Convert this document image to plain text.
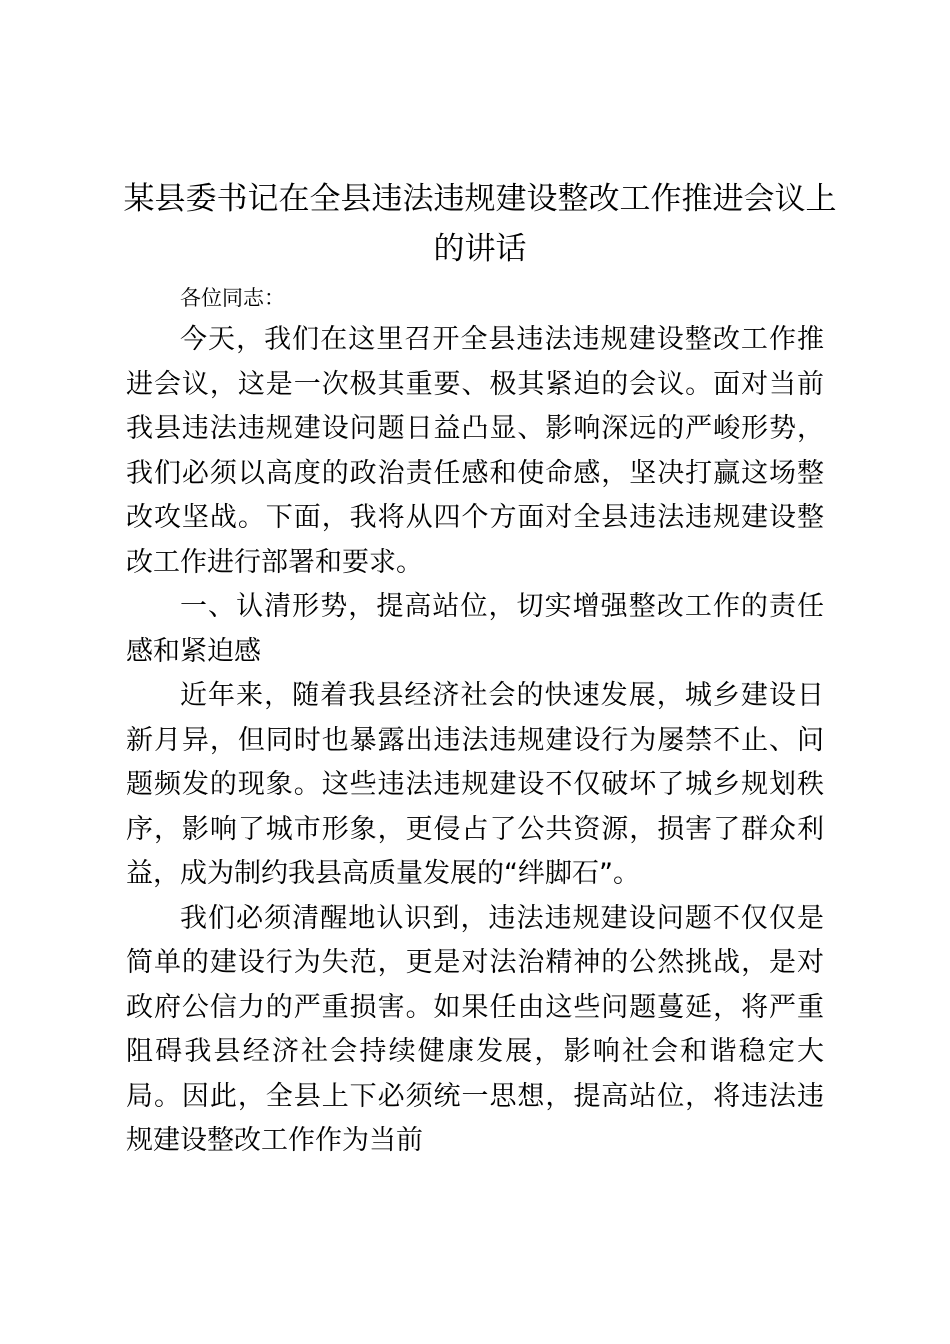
某县委书记在全县违法违规建设整改工作推进会议上的讲话

各位同志：

今天，我们在这里召开全县违法违规建设整改工作推进会议，这是一次极其重要、极其紧迫的会议。面对当前我县违法违规建设问题日益凸显、影响深远的严峻形势，我们必须以高度的政治责任感和使命感，坚决打赢这场整改攻坚战。下面，我将从四个方面对全县违法违规建设整改工作进行部署和要求。

一、认清形势，提高站位，切实增强整改工作的责任感和紧迫感

近年来，随着我县经济社会的快速发展，城乡建设日新月异，但同时也暴露出违法违规建设行为屡禁不止、问题频发的现象。这些违法违规建设不仅破坏了城乡规划秩序，影响了城市形象，更侵占了公共资源，损害了群众利益，成为制约我县高质量发展的“绊脚石”。

我们必须清醒地认识到，违法违规建设问题不仅仅是简单的建设行为失范，更是对法治精神的公然挑战，是对政府公信力的严重损害。如果任由这些问题蔓延，将严重阻碍我县经济社会持续健康发展，影响社会和谐稳定大局。因此，全县上下必须统一思想，提高站位，将违法违规建设整改工作作为当前
